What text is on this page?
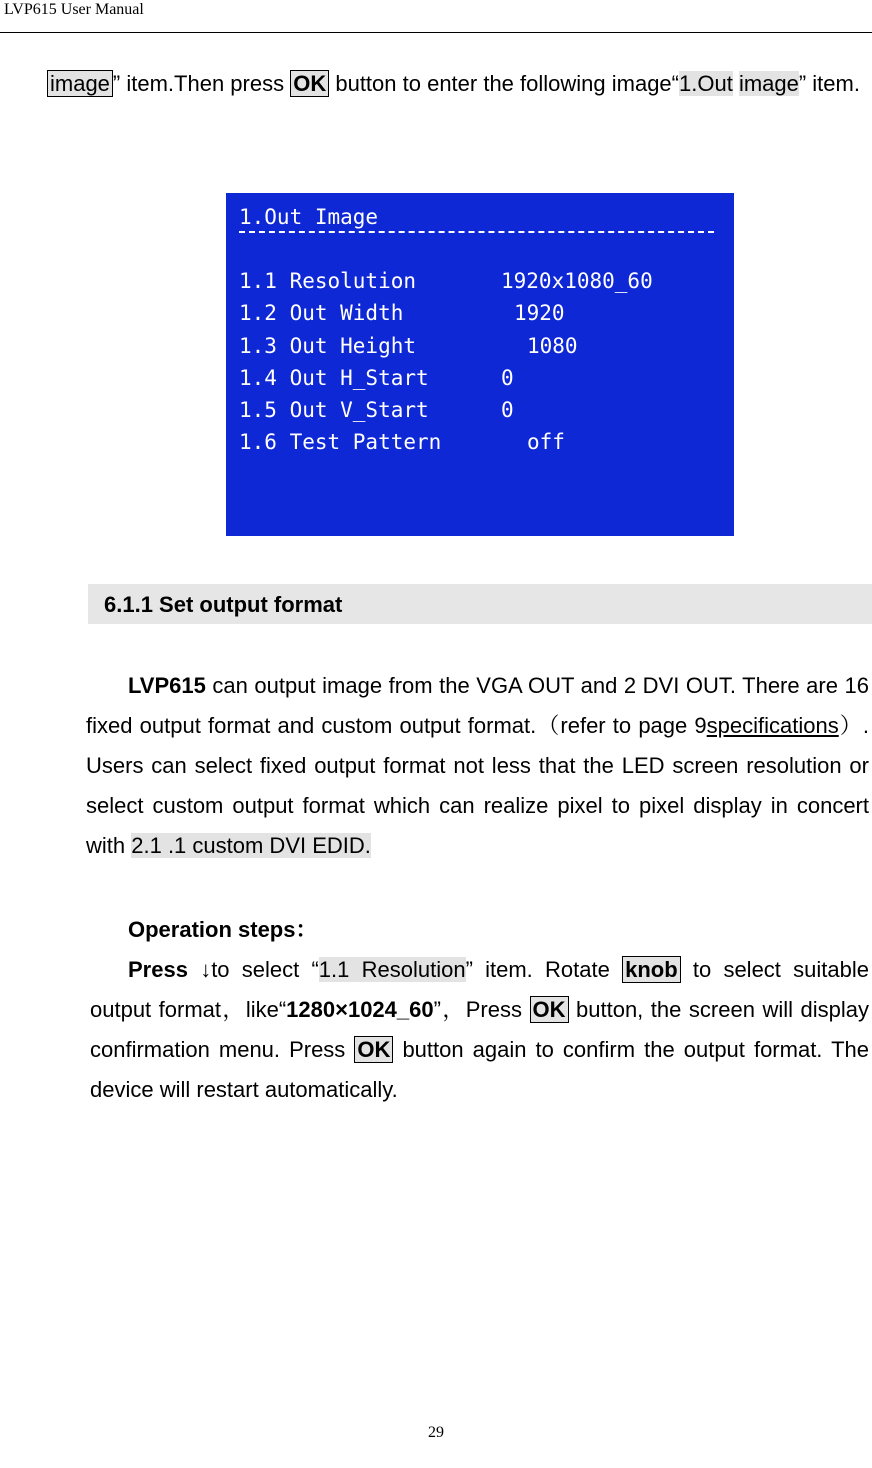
LVP615 User Manual
image ” item.Then press OK button to enter the following image“1.Out image” item.
1.Out Image
1.1 Resolution	1920x1080_60
1.2 Out Width	1920
1.3 Out Height	1080
1.4 Out H_Start	0
1.5 Out V_Start	0
1.6 Test Pattern	off
6.1.1 Set output format
LVP615 can output image from the VGA OUT and 2 DVI OUT. There are 16 fixed output format and custom output format.（refer to page 9specifications）. Users can select fixed output format not less that the LED screen resolution or select custom output format which can realize pixel to pixel display in concert with 2.1 .1 custom DVI EDID.
Operation steps：
Press ↓to select “1.1 Resolution” item. Rotate knob to select suitable output format，like“1280×1024_60”，Press OK button, the screen will display confirmation menu. Press OK button again to confirm the output format. The device will restart automatically.
29
